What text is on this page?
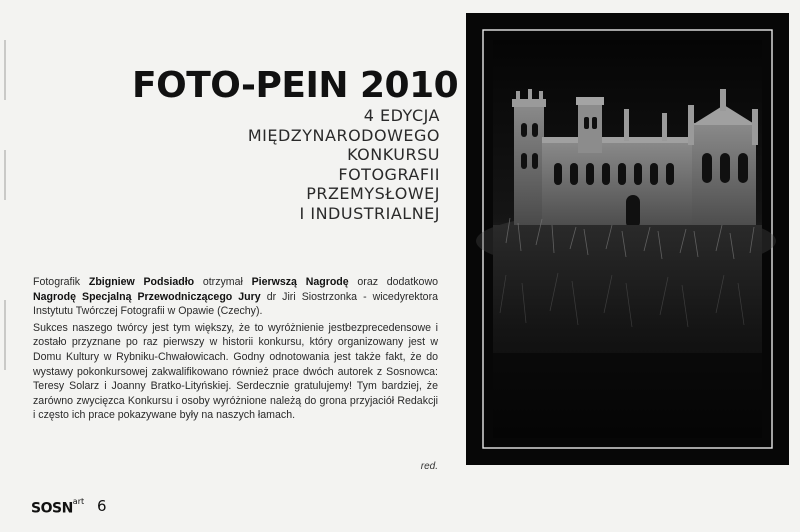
FOTO-PEIN 2010
4 EDYCJA
MIĘDZYNARODOWEGO
KONKURSU
FOTOGRAFII
PRZEMYSŁOWEJ
I INDUSTRIALNEJ

Fotografik Zbigniew Podsiadło otrzymał Pierwszą Nagrodę oraz dodatkowo Nagrodę Specjalną Przewodniczącego Jury dr Jiri Siostrzonka - wicedyrektora Instytutu Twórczej Fotografii w Opawie (Czechy).

Sukces naszego twórcy jest tym większy, że to wyróżnienie jestbezprecedensowe i zostało przyznane po raz pierwszy w historii konkursu, który organizowany jest w Domu Kultury w Rybniku-Chwałowicach. Godny odnotowania jest także fakt, że do wystawy pokonkursowej zakwalifikowano również prace dwóch autorek z Sosnowca: Teresy Solarz i Joanny Bratko-Lityńskiej. Serdecznie gratulujemy! Tym bardziej, że zarówno zwycięzca Konkursu i osoby wyróżnione należą do grona przyjaciół Redakcji i często ich prace pokazywane były na naszych łamach.

red.
$SOSN^{art}$ 6
